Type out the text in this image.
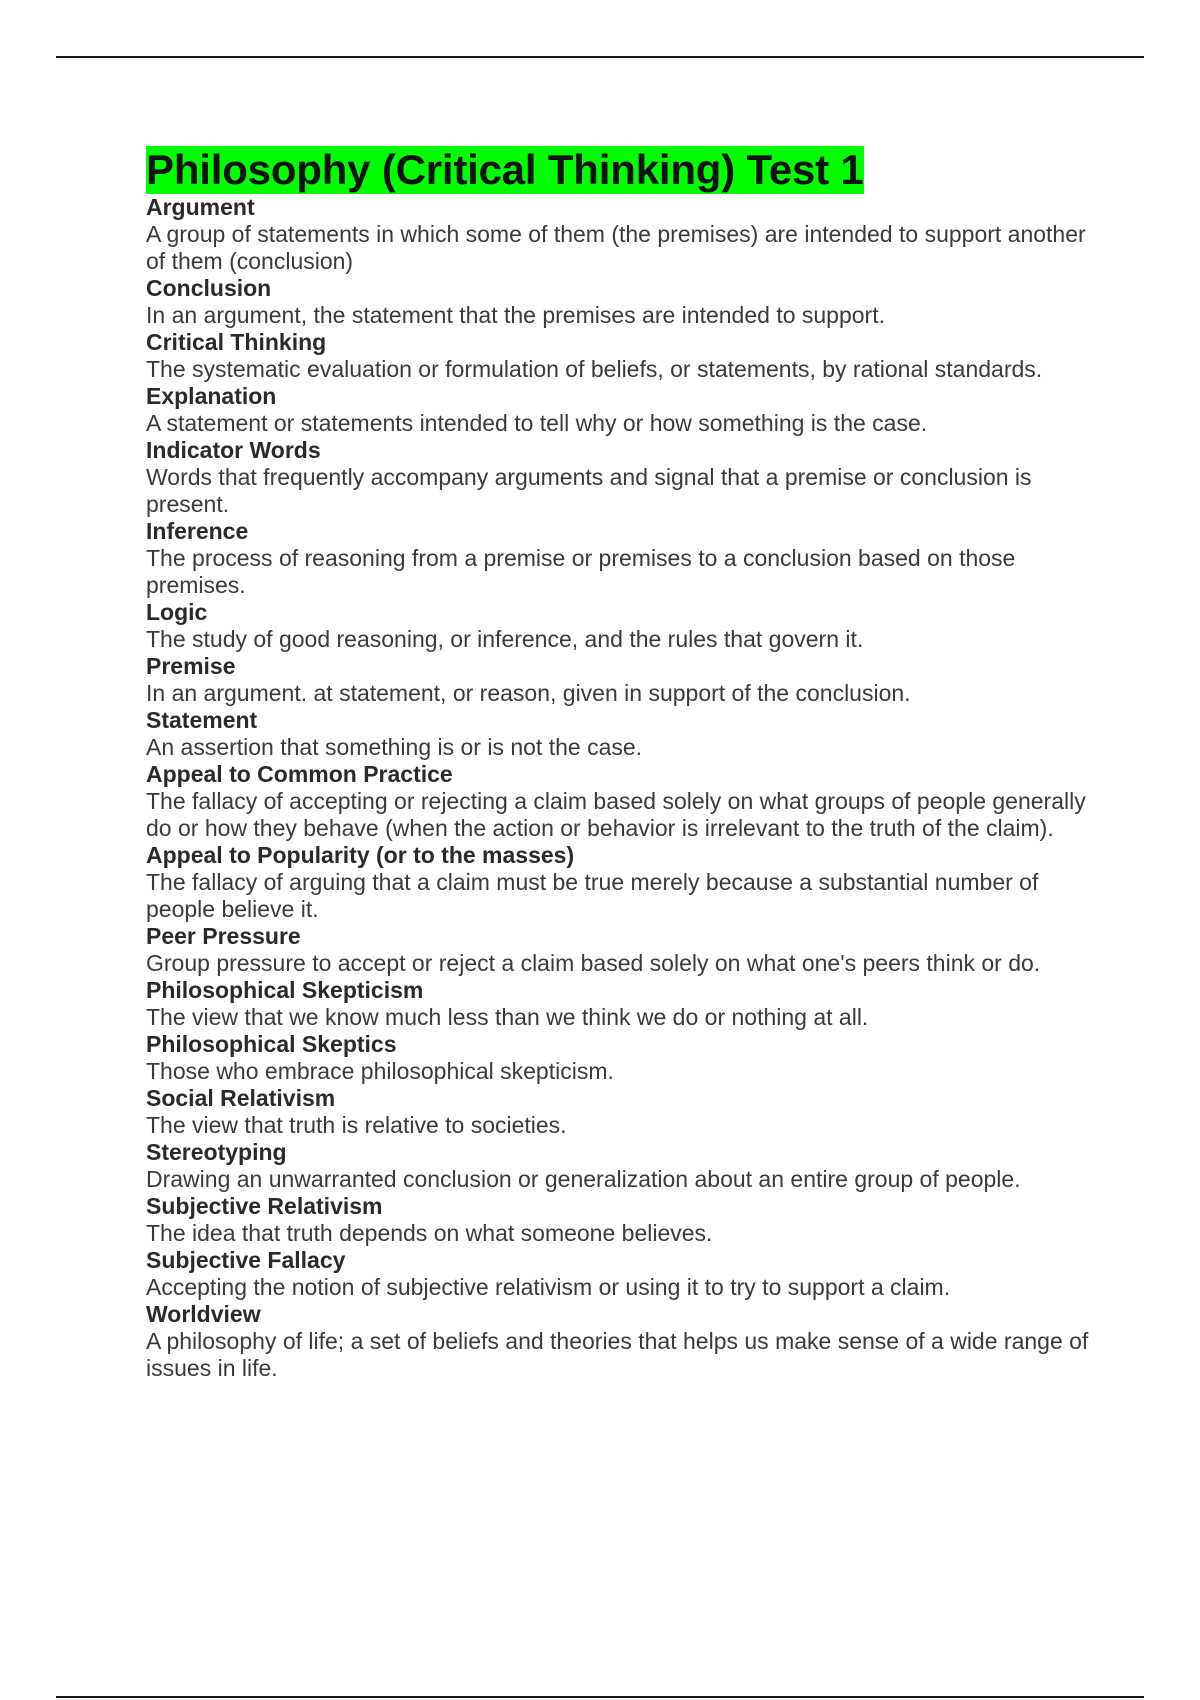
Philosophy (Critical Thinking) Test 1

Argument

A group of statements in which some of them (the premises) are intended to support another of them (conclusion)

Conclusion

In an argument, the statement that the premises are intended to support.

Critical Thinking

The systematic evaluation or formulation of beliefs, or statements, by rational standards.

Explanation

A statement or statements intended to tell why or how something is the case.

Indicator Words

Words that frequently accompany arguments and signal that a premise or conclusion is present.

Inference

The process of reasoning from a premise or premises to a conclusion based on those premises.

Logic

The study of good reasoning, or inference, and the rules that govern it.

Premise

In an argument. at statement, or reason, given in support of the conclusion.

Statement

An assertion that something is or is not the case.

Appeal to Common Practice

The fallacy of accepting or rejecting a claim based solely on what groups of people generally do or how they behave (when the action or behavior is irrelevant to the truth of the claim).

Appeal to Popularity (or to the masses)

The fallacy of arguing that a claim must be true merely because a substantial number of people believe it.

Peer Pressure

Group pressure to accept or reject a claim based solely on what one's peers think or do.

Philosophical Skepticism

The view that we know much less than we think we do or nothing at all.

Philosophical Skeptics

Those who embrace philosophical skepticism.

Social Relativism

The view that truth is relative to societies.

Stereotyping

Drawing an unwarranted conclusion or generalization about an entire group of people.

Subjective Relativism

The idea that truth depends on what someone believes.

Subjective Fallacy

Accepting the notion of subjective relativism or using it to try to support a claim.

Worldview

A philosophy of life; a set of beliefs and theories that helps us make sense of a wide range of issues in life.
